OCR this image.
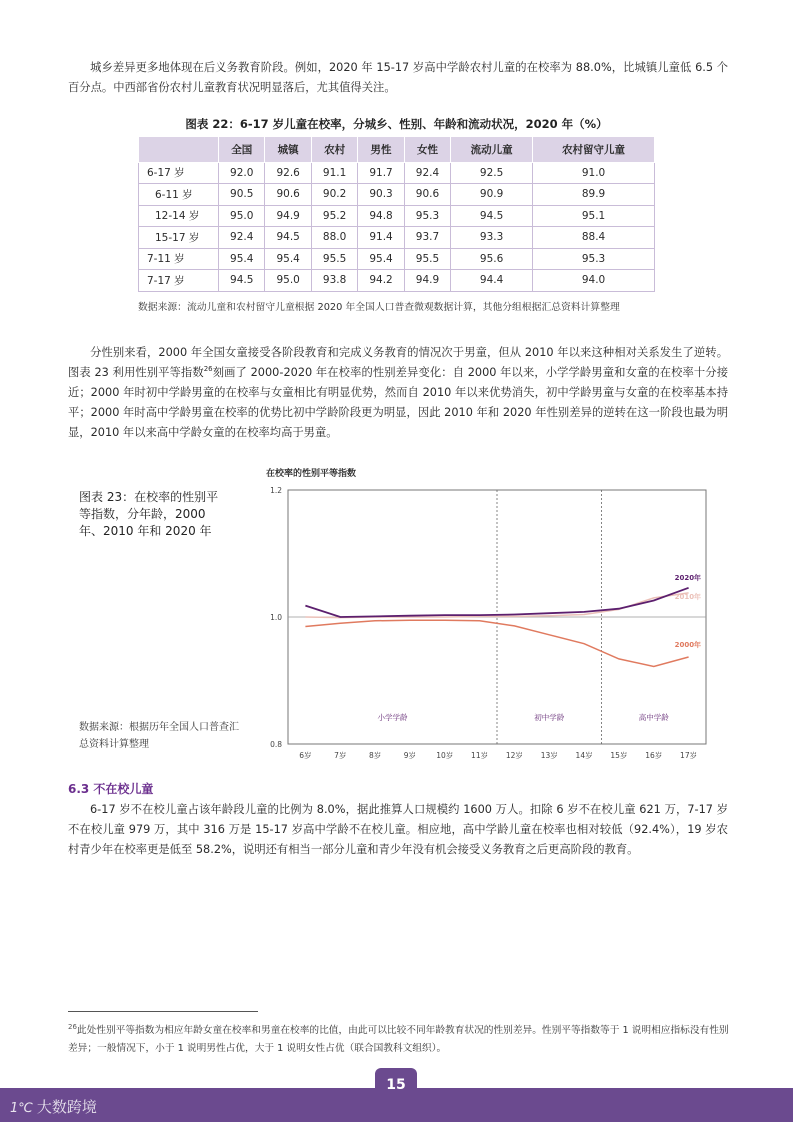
城乡差异更多地体现在后义务教育阶段。例如，2020 年 15-17 岁高中学龄农村儿童的在校率为 88.0%，比城镇儿童低 6.5 个百分点。中西部省份农村儿童教育状况明显落后，尤其值得关注。

图表 22：6-17 岁儿童在校率，分城乡、性别、年龄和流动状况，2020 年（%）
	全国	城镇	农村	男性	女性	流动儿童	农村留守儿童
6-17 岁	92.0	92.6	91.1	91.7	92.4	92.5	91.0
6-11 岁	90.5	90.6	90.2	90.3	90.6	90.9	89.9
12-14 岁	95.0	94.9	95.2	94.8	95.3	94.5	95.1
15-17 岁	92.4	94.5	88.0	91.4	93.7	93.3	88.4
7-11 岁	95.4	95.4	95.5	95.4	95.5	95.6	95.3
7-17 岁	94.5	95.0	93.8	94.2	94.9	94.4	94.0
数据来源：流动儿童和农村留守儿童根据 2020 年全国人口普查微观数据计算，其他分组根据汇总资料计算整理

分性别来看，2000 年全国女童接受各阶段教育和完成义务教育的情况次于男童，但从 2010 年以来这种相对关系发生了逆转。图表 23 利用性别平等指数$^{26}$刻画了 2000-2020 年在校率的性别差异变化：自 2000 年以来，小学学龄男童和女童的在校率十分接近；2000 年时初中学龄男童的在校率与女童相比有明显优势，然而自 2010 年以来优势消失，初中学龄男童与女童的在校率基本持平；2000 年时高中学龄男童在校率的优势比初中学龄阶段更为明显，因此 2010 年和 2020 年性别差异的逆转在这一阶段也最为明显，2010 年以来高中学龄女童的在校率均高于男童。

图表 23：在校率的性别平等指数，分年龄，2000 年、2010 年和 2020 年
数据来源：根据历年全国人口普查汇总资料计算整理
在校率的性别平等指数
0.8
1.0
1.2
6岁	7岁	8岁	9岁	10岁 11岁 12岁 13岁 14岁 15岁 16岁 17岁
小学学龄	初中学龄	高中学龄
2000年
2010年
2020年
6.3 不在校儿童

6-17 岁不在校儿童占该年龄段儿童的比例为 8.0%，据此推算人口规模约 1600 万人。扣除 6 岁不在校儿童 621 万，7-17 岁不在校儿童 979 万，其中 316 万是 15-17 岁高中学龄不在校儿童。相应地，高中学龄儿童在校率也相对较低（92.4%），19 岁农村青少年在校率更是低至 58.2%，说明还有相当一部分儿童和青少年没有机会接受义务教育之后更高阶段的教育。

$^{26}$此处性别平等指数为相应年龄女童在校率和男童在校率的比值，由此可以比较不同年龄教育状况的性别差异。性别平等指数等于 1 说明相应指标没有性别差异；一般情况下，小于 1 说明男性占优，大于 1 说明女性占优（联合国教科文组织）。
15
1℃ 大数跨境
